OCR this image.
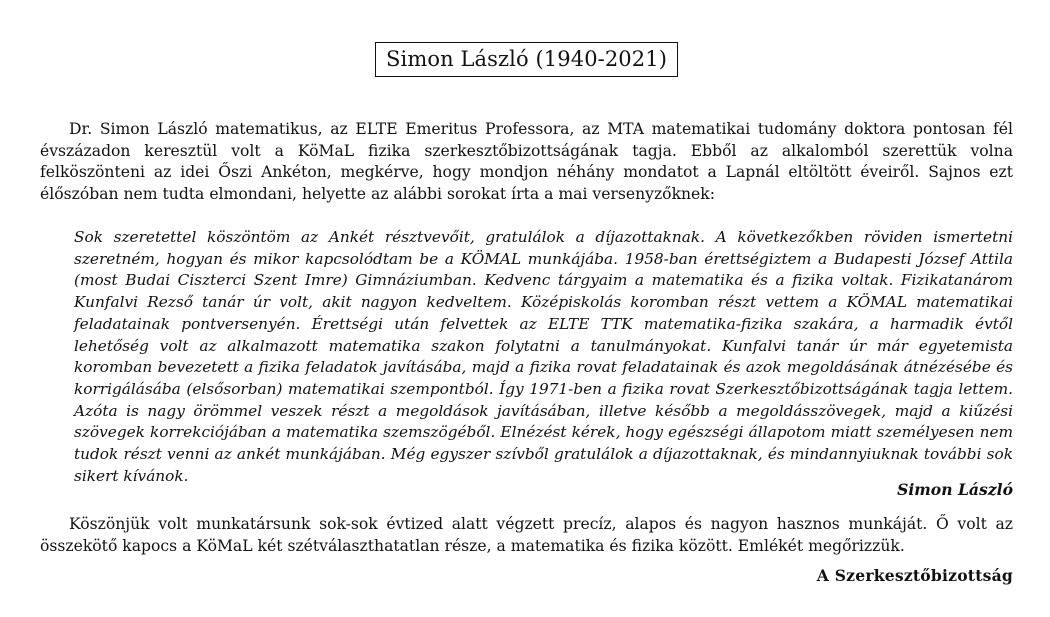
Simon László (1940-2021)

Dr. Simon László matematikus, az ELTE Emeritus Professora, az MTA matematikai tudomány doktora pontosan fél évszázadon keresztül volt a KöMaL fizika szerkesztőbizottságának tagja. Ebből az alkalomból szerettük volna felköszönteni az idei Őszi Ankéton, megkérve, hogy mondjon néhány mondatot a Lapnál eltöltött éveiről. Sajnos ezt élőszóban nem tudta elmondani, helyette az alábbi sorokat írta a mai versenyzőknek:

Sok szeretettel köszöntöm az Ankét résztvevőit, gratulálok a díjazottaknak. A következőkben röviden ismertetni szeretném, hogyan és mikor kapcsolódtam be a KÖMAL munkájába. 1958-ban érettségiztem a Budapesti József Attila (most Budai Ciszterci Szent Imre) Gimnáziumban. Kedvenc tárgyaim a matematika és a fizika voltak. Fizikatanárom Kunfalvi Rezső tanár úr volt, akit nagyon kedveltem. Középiskolás koromban részt vettem a KÖMAL matematikai feladatainak pontversenyén. Érettségi után felvettek az ELTE TTK matematika-fizika szakára, a harmadik évtől lehetőség volt az alkalmazott matematika szakon folytatni a tanulmányokat. Kunfalvi tanár úr már egyetemista koromban bevezetett a fizika feladatok javításába, majd a fizika rovat feladatainak és azok megoldásának átnézésébe és korrigálásába (elsősorban) matematikai szempontból. Így 1971-ben a fizika rovat Szerkesztőbizottságának tagja lettem. Azóta is nagy örömmel veszek részt a megoldások javításában, illetve később a megoldásszövegek, majd a kiűzési szövegek korrekciójában a matematika szemszögéből. Elnézést kérek, hogy egészségi állapotom miatt személyesen nem tudok részt venni az ankét munkájában. Még egyszer szívből gratulálok a díjazottaknak, és mindannyiuknak további sok sikert kívánok.

Simon László

Köszönjük volt munkatársunk sok-sok évtized alatt végzett precíz, alapos és nagyon hasznos munkáját. Ő volt az összekötő kapocs a KöMaL két szétválaszthatatlan része, a matematika és fizika között. Emlékét megőrizzük.

A Szerkesztőbizottság
